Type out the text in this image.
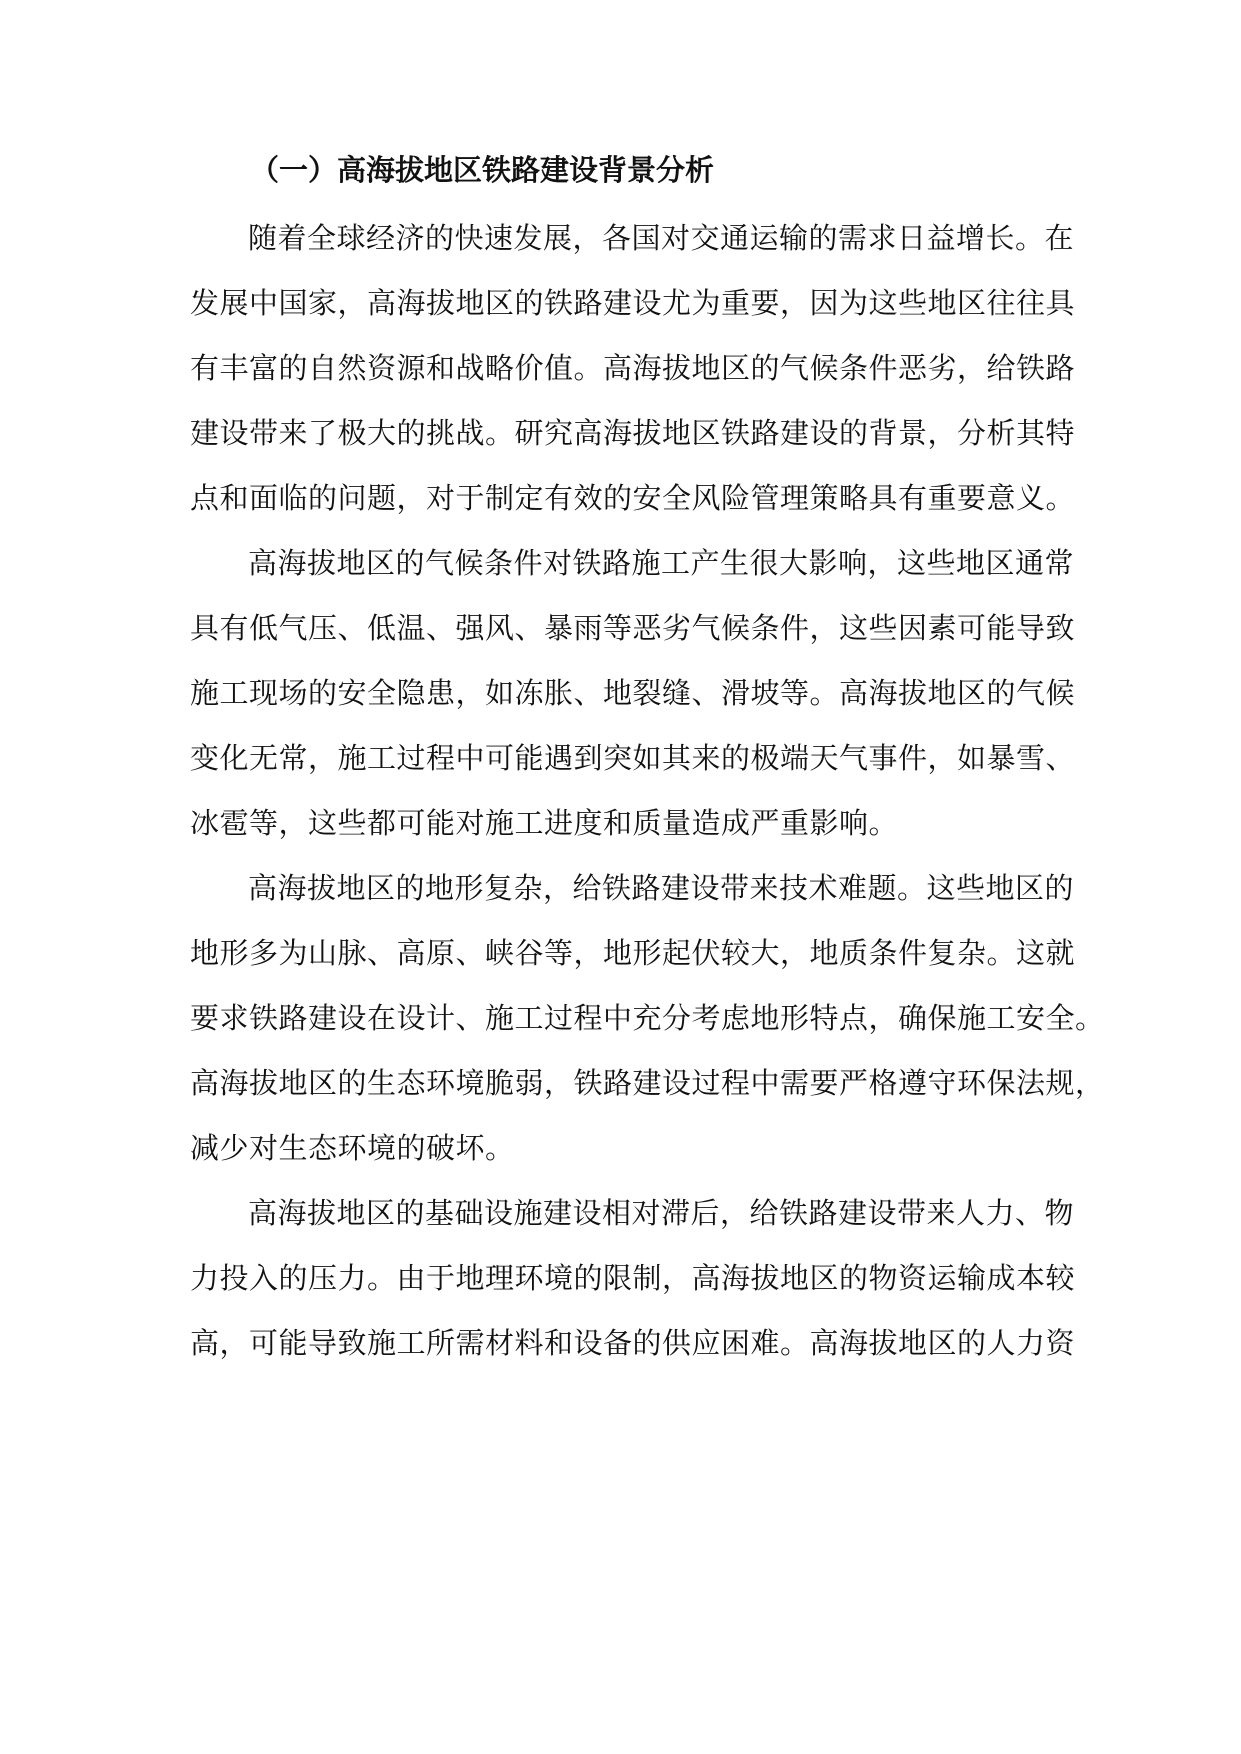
（一）高海拔地区铁路建设背景分析
随着全球经济的快速发展，各国对交通运输的需求日益增长。在
发展中国家，高海拔地区的铁路建设尤为重要，因为这些地区往往具
有丰富的自然资源和战略价值。高海拔地区的气候条件恶劣，给铁路
建设带来了极大的挑战。研究高海拔地区铁路建设的背景，分析其特
点和面临的问题，对于制定有效的安全风险管理策略具有重要意义。
高海拔地区的气候条件对铁路施工产生很大影响，这些地区通常
具有低气压、低温、强风、暴雨等恶劣气候条件，这些因素可能导致
施工现场的安全隐患，如冻胀、地裂缝、滑坡等。高海拔地区的气候
变化无常，施工过程中可能遇到突如其来的极端天气事件，如暴雪、
冰雹等，这些都可能对施工进度和质量造成严重影响。
高海拔地区的地形复杂，给铁路建设带来技术难题。这些地区的
地形多为山脉、高原、峡谷等，地形起伏较大，地质条件复杂。这就
要求铁路建设在设计、施工过程中充分考虑地形特点，确保施工安全。
高海拔地区的生态环境脆弱，铁路建设过程中需要严格遵守环保法规，
减少对生态环境的破坏。
高海拔地区的基础设施建设相对滞后，给铁路建设带来人力、物
力投入的压力。由于地理环境的限制，高海拔地区的物资运输成本较
高，可能导致施工所需材料和设备的供应困难。高海拔地区的人力资
